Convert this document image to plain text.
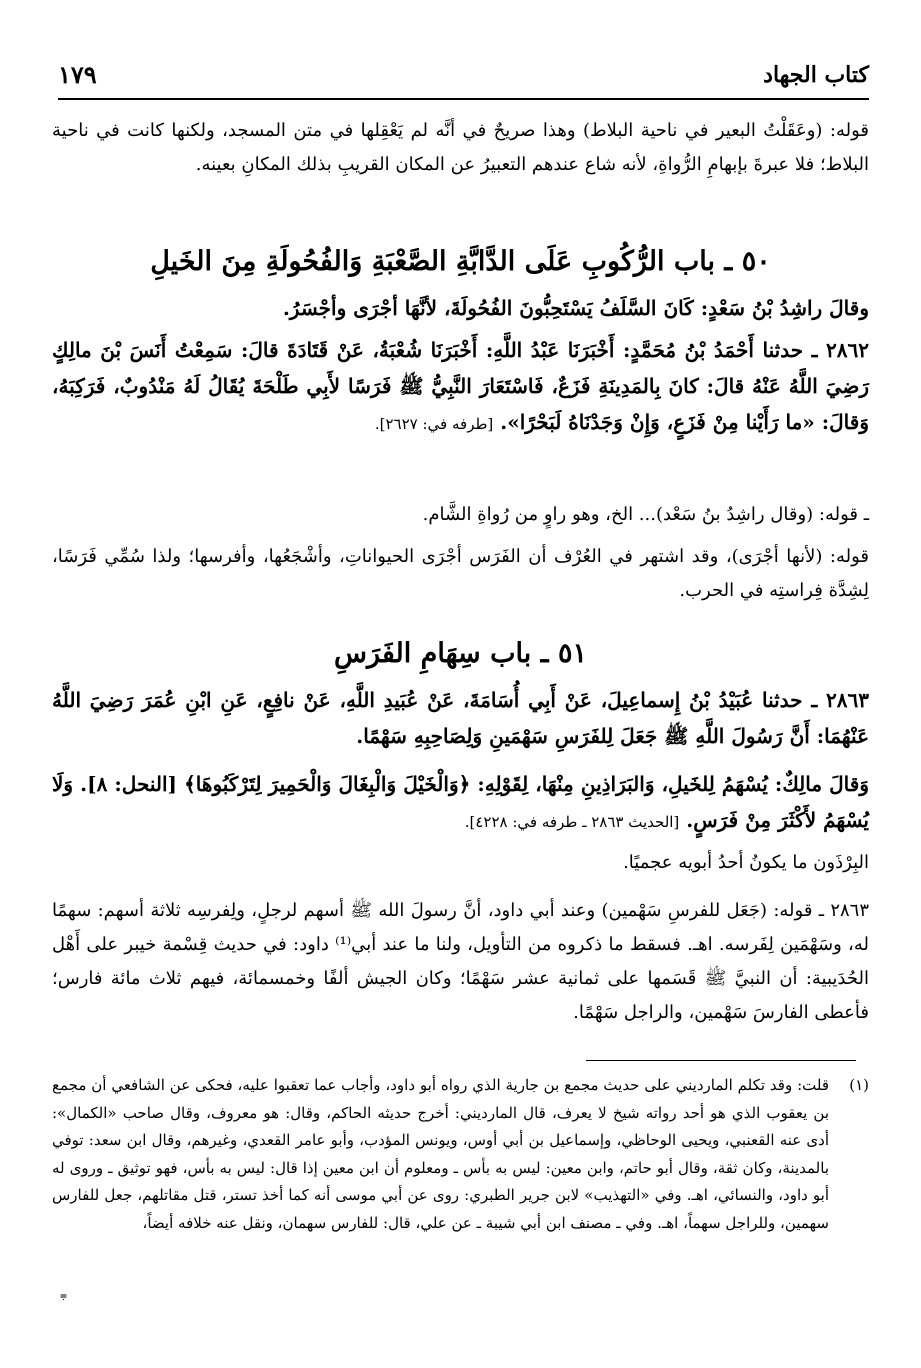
كتاب الجهاد
١٧٩
قوله: (وعَقَلْتُ البعير في ناحية البلاط) وهذا صريحٌ في أنَّه لم يَعْقِلها في متن المسجد، ولكنها كانت في ناحية البلاط؛ فلا عبرةَ بإبهامِ الرُّواةِ، لأنه شاع عندهم التعبيرُ عن المكان القريبِ بذلك المكانِ بعينه.
٥٠ ـ باب الرُّكُوبِ عَلَى الدَّابَّةِ الصَّعْبَةِ وَالفُحُولَةِ مِنَ الخَيلِ
وقالَ راشِدُ بْنُ سَعْدٍ: كَانَ السَّلَفُ يَسْتَحِبُّونَ الفُحُولَةَ، لأنَّهَا أجْرَى وأجْسَرُ.
٢٨٦٢ ـ حدثنا أَحْمَدُ بْنُ مُحَمَّدٍ: أَخْبَرَنَا عَبْدُ اللَّهِ: أَخْبَرَنَا شُعْبَةُ، عَنْ قَتَادَةَ قالَ: سَمِعْتُ أَنَسَ بْنَ مالِكٍ رَضِيَ اللَّهُ عَنْهُ قالَ: كانَ بِالمَدِينَةِ فَزَعٌ، فَاسْتَعَارَ النَّبِيُّ ﷺ فَرَسًا لأَبِي طَلْحَةَ يُقَالُ لَهُ مَنْدُوبٌ، فَرَكِبَهُ، وَقالَ: «ما رَأَيْنا مِنْ فَزَعٍ، وَإِنْ وَجَدْنَاهُ لَبَحْرًا». [طرفه في: ٢٦٢٧].
ـ قوله: (وقال راشِدُ بنُ سَعْد)... الخ، وهو راوٍ من رُواةِ الشَّام.
قوله: (لأنها أجْرَى)، وقد اشتهر في العُرْف أن الفَرَس أجْرَى الحيواناتِ، وأشْجَعُها، وأفرسها؛ ولذا سُمِّي فَرَسًا، لِشِدَّة فِراستِه في الحرب.
٥١ ـ باب سِهَامِ الفَرَسِ
٢٨٦٣ ـ حدثنا عُبَيْدُ بْنُ إِسماعِيلَ، عَنْ أَبِي أُسَامَةَ، عَنْ عُبَيدِ اللَّهِ، عَنْ نافِعٍ، عَنِ ابْنِ عُمَرَ رَضِيَ اللَّهُ عَنْهُمَا: أَنَّ رَسُولَ اللَّهِ ﷺ جَعَلَ لِلفَرَسِ سَهْمَينِ وَلِصَاحِبِهِ سَهْمًا.
وَقالَ مالِكٌ: يُسْهَمُ لِلخَيلِ، وَالبَرَاذِينِ مِنْهَا، لِقَوْلِهِ: ﴿وَالْخَيْلَ وَالْبِغَالَ وَالْحَمِيرَ لِتَرْكَبُوهَا﴾ [النحل: ٨]. وَلَا يُسْهَمُ لأَكْثَرَ مِنْ فَرَسٍ. [الحديث ٢٨٦٣ ـ طرفه في: ٤٢٢٨].
البِرْذَون ما يكونُ أحدُ أبويه عجميًا.
٢٨٦٣ ـ قوله: (جَعَل للفرسِ سَهْمين) وعند أبي داود، أنَّ رسولَ الله ﷺ أسهم لرجلٍ، ولِفرسِه ثلاثة أسهم: سهمًا له، وسَهْمَين لِفَرسه. اهـ. فسقط ما ذكروه من التأويل، ولنا ما عند أبي⁽¹⁾ داود: في حديث قِسْمة خيبر على أَهْل الحُدَيبية: أن النبيَّ ﷺ قَسَمها على ثمانية عشر سَهْمًا؛ وكان الجيش ألفًا وخمسمائة، فيهم ثلاث مائة فارس؛ فأعطى الفارسَ سَهْمين، والراجل سَهْمًا.
(١)
قلت: وقد تكلم المارديني على حديث مجمع بن جارية الذي رواه أبو داود، وأجاب عما تعقبوا عليه، فحكى عن الشافعي أن مجمع بن يعقوب الذي هو أحد رواته شيخ لا يعرف، قال المارديني: أخرج حديثه الحاكم، وقال: هو معروف، وقال صاحب «الكمال»: أدى عنه القعنبي، ويحيى الوحاظي، وإسماعيل بن أبي أوس، ويونس المؤدب، وأبو عامر القعدي، وغيرهم، وقال ابن سعد: توفي بالمدينة، وكان ثقة، وقال أبو حاتم، وابن معين: ليس به بأس ـ ومعلوم أن ابن معين إذا قال: ليس به بأس، فهو توثيق ـ وروى له أبو داود، والنسائي، اهـ. وفي «التهذيب» لابن جرير الطبري: روى عن أبي موسى أنه كما أخذ تستر، قتل مقاتلهم، جعل للفارس سهمين، وللراجل سهماً، اهـ. وفي ـ مصنف ابن أبي شيبة ـ عن علي، قال: للفارس سهمان، ونقل عنه خلافه أيضاً،
⩦
